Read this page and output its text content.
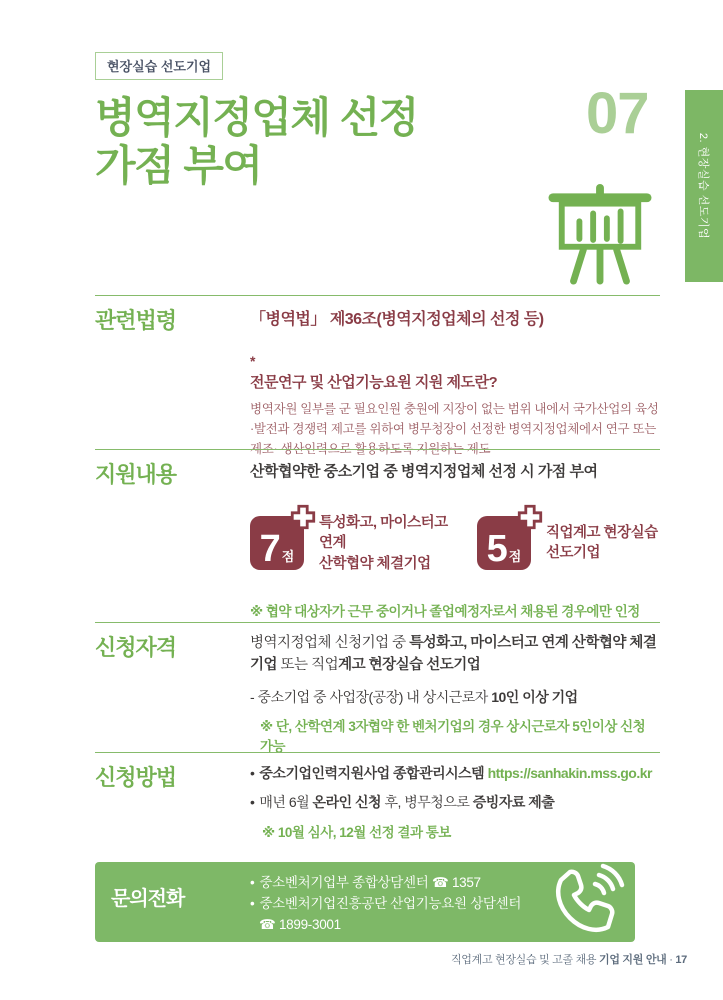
2. 현장실습 선도기업
현장실습 선도기업
병역지정업체 선정
가점 부여
07
관련법령	「병역법」 제36조(병역지정업체의 선정 등)
*
전문연구 및 산업기능요원 지원 제도란?
병역자원 일부를 군 필요인원 충원에 지장이 없는 범위 내에서 국가산업의 육성·발전과 경쟁력 제고를 위하여 병무청장이 선정한 병역지정업체에서 연구 또는 제조· 생산인력으로 활용하도록 지원하는 제도
지원내용	산학협약한 중소기업 중 병역지정업체 선정 시 가점 부여
7 점
특성화고, 마이스터고 연계
산학협약 체결기업	5 점
직업계고 현장실습
선도기업
※ 협약 대상자가 근무 중이거나 졸업예정자로서 채용된 경우에만 인정
신청자격	병역지정업체 신청기업 중 특성화고, 마이스터고 연계 산학협약 체결 기업 또는 직업계고 현장실습 선도기업
- 중소기업 중 사업장(공장) 내 상시근로자 10인 이상 기업
※ 단, 산학연계 3자협약 한 벤처기업의 경우 상시근로자 5인이상 신청 가능
신청방법	• 중소기업인력지원사업 종합관리시스템 https://sanhakin.mss.go.kr
• 매년 6월 온라인 신청 후, 병무청으로 증빙자료 제출
※ 10월 심사, 12월 선정 결과 통보
문의전화
• 중소벤처기업부 종합상담센터 ☎ 1357
• 중소벤처기업진흥공단 산업기능요원 상담센터
☎ 1899-3001
직업계고 현장실습 및 고졸 채용 기업 지원 안내 · 17
